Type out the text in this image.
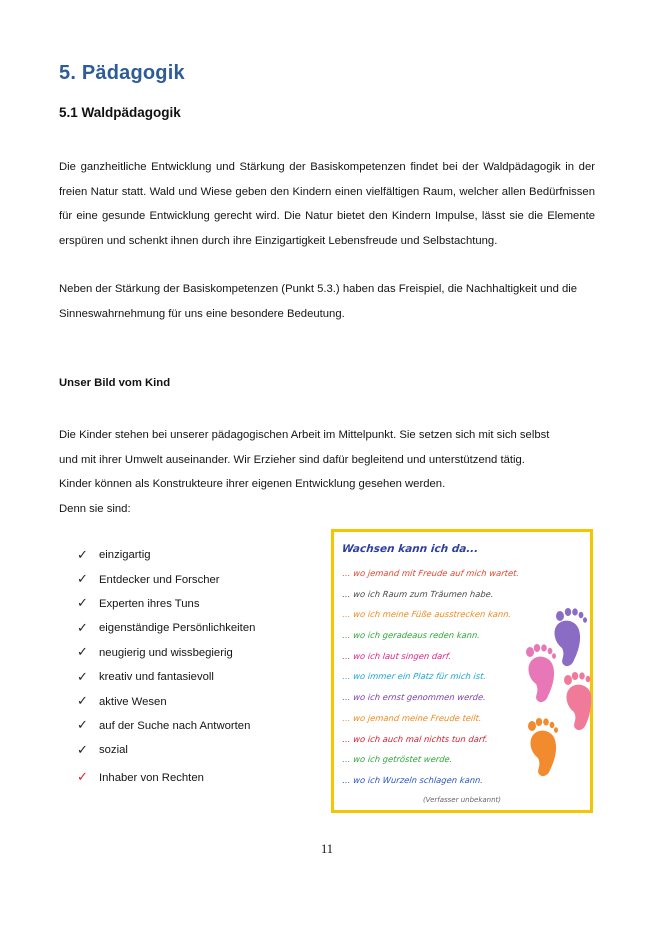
5. Pädagogik
5.1 Waldpädagogik

Die ganzheitliche Entwicklung und Stärkung der Basiskompetenzen findet bei der Waldpädagogik in der freien Natur statt. Wald und Wiese geben den Kindern einen vielfältigen Raum, welcher allen Bedürfnissen für eine gesunde Entwicklung gerecht wird. Die Natur bietet den Kindern Impulse, lässt sie die Elemente erspüren und schenkt ihnen durch ihre Einzigartigkeit Lebensfreude und Selbstachtung.

Neben der Stärkung der Basiskompetenzen (Punkt 5.3.) haben das Freispiel, die Nachhaltigkeit und die Sinneswahrnehmung für uns eine besondere Bedeutung.

Unser Bild vom Kind
Die Kinder stehen bei unserer pädagogischen Arbeit im Mittelpunkt. Sie setzen sich mit sich selbst
und mit ihrer Umwelt auseinander. Wir Erzieher sind dafür begleitend und unterstützend tätig.
Kinder können als Konstrukteure ihrer eigenen Entwicklung gesehen werden.
Denn sie sind:
✓ einzigartig
✓ Entdecker und Forscher
✓ Experten ihres Tuns
✓ eigenständige Persönlichkeiten
✓ neugierig und wissbegierig
✓ kreativ und fantasievoll
✓ aktive Wesen
✓ auf der Suche nach Antworten
✓ sozial
✓ Inhaber von Rechten
Wachsen kann ich da...
... wo jemand mit Freude auf mich wartet.
... wo ich Raum zum Träumen habe.
... wo ich meine Füße ausstrecken kann.
... wo ich geradeaus reden kann.
... wo ich laut singen darf.
... wo immer ein Platz für mich ist.
... wo ich ernst genommen werde.
... wo jemand meine Freude teilt.
... wo ich auch mal nichts tun darf.
... wo ich getröstet werde.
... wo ich Wurzeln schlagen kann.
(Verfasser unbekannt)
11
